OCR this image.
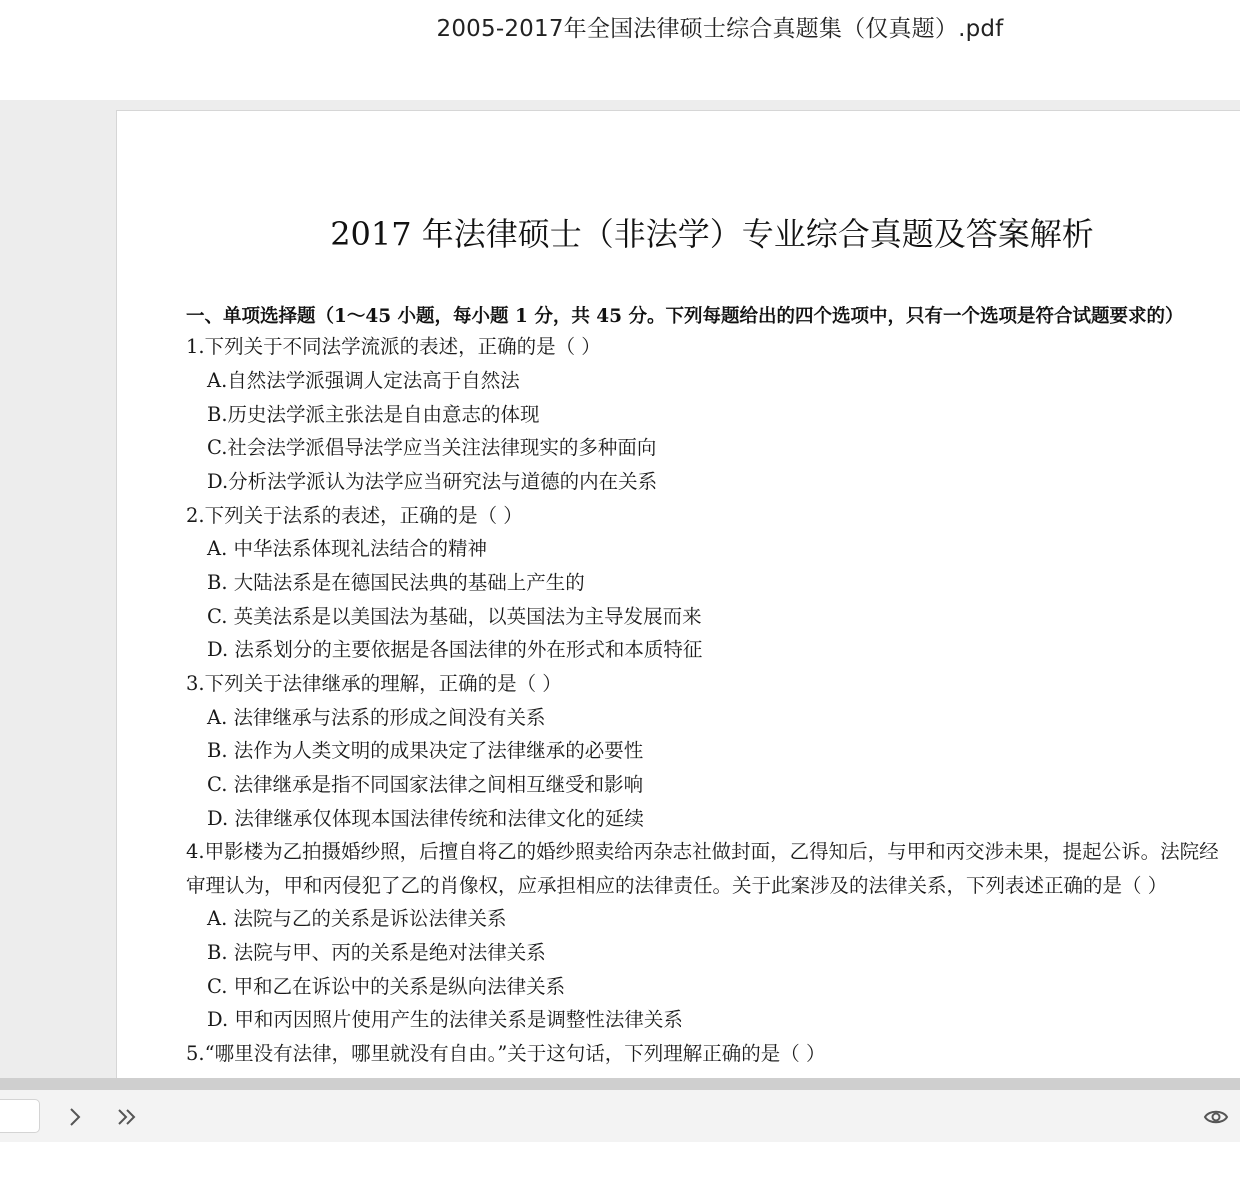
2005-2017年全国法律硕士综合真题集（仅真题）.pdf
2017 年法律硕士（非法学）专业综合真题及答案解析
一、单项选择题（1～45 小题，每小题 1 分，共 45 分。下列每题给出的四个选项中，只有一个选项是符合试题要求的）
1.下列关于不同法学流派的表述，正确的是（ ）
A.自然法学派强调人定法高于自然法
B.历史法学派主张法是自由意志的体现
C.社会法学派倡导法学应当关注法律现实的多种面向
D.分析法学派认为法学应当研究法与道德的内在关系
2.下列关于法系的表述，正确的是（ ）
A. 中华法系体现礼法结合的精神
B. 大陆法系是在德国民法典的基础上产生的
C. 英美法系是以美国法为基础，以英国法为主导发展而来
D. 法系划分的主要依据是各国法律的外在形式和本质特征
3.下列关于法律继承的理解，正确的是（ ）
A. 法律继承与法系的形成之间没有关系
B. 法作为人类文明的成果决定了法律继承的必要性
C. 法律继承是指不同国家法律之间相互继受和影响
D. 法律继承仅体现本国法律传统和法律文化的延续
4.甲影楼为乙拍摄婚纱照，后擅自将乙的婚纱照卖给丙杂志社做封面，乙得知后，与甲和丙交涉未果，提起公诉。法院经
审理认为，甲和丙侵犯了乙的肖像权，应承担相应的法律责任。关于此案涉及的法律关系，下列表述正确的是（ ）
A. 法院与乙的关系是诉讼法律关系
B. 法院与甲、丙的关系是绝对法律关系
C. 甲和乙在诉讼中的关系是纵向法律关系
D. 甲和丙因照片使用产生的法律关系是调整性法律关系
5.“哪里没有法律，哪里就没有自由。”关于这句话，下列理解正确的是（ ）
